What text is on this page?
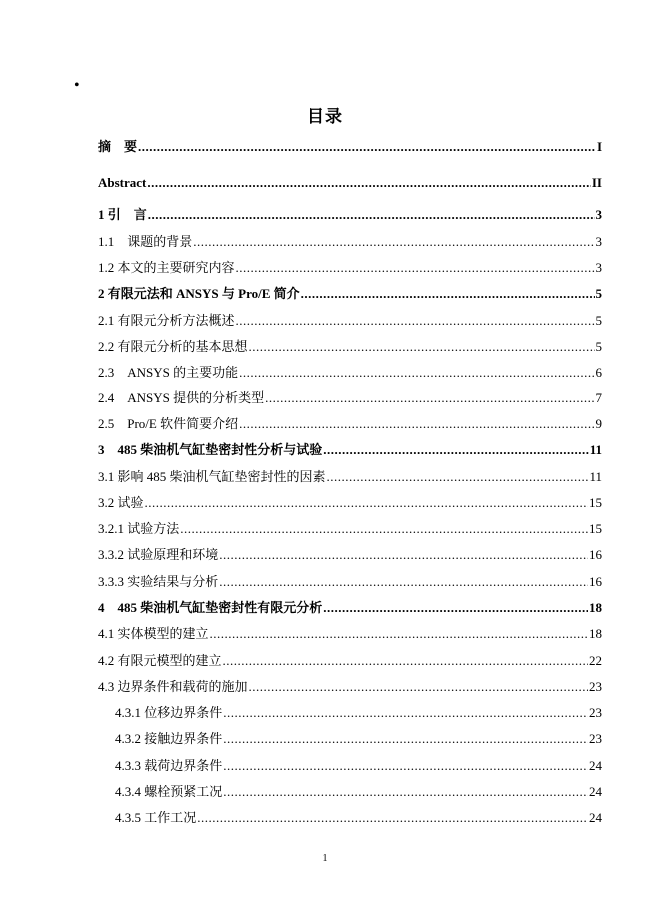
•
目录
摘　要 .....	I
Abstract .....	II
1 引　言 .....	3
1.1　课题的背景 .....	3
1.2 本文的主要研究内容 .....	3
2 有限元法和 ANSYS 与 Pro/E 简介 .....	5
2.1 有限元分析方法概述 .....	5
2.2 有限元分析的基本思想 .....	5
2.3　ANSYS 的主要功能 .....	6
2.4　ANSYS 提供的分析类型 .....	7
2.5　Pro/E 软件简要介绍 .....	9
3　485 柴油机气缸垫密封性分析与试验 .....	11
3.1 影响 485 柴油机气缸垫密封性的因素 .....	11
3.2 试验 .....	15
3.2.1 试验方法 .....	15
3.3.2 试验原理和环境 .....	16
3.3.3 实验结果与分析 .....	16
4　485 柴油机气缸垫密封性有限元分析 .....	18
4.1 实体模型的建立 .....	18
4.2 有限元模型的建立 .....	22
4.3 边界条件和载荷的施加 .....	23
4.3.1 位移边界条件 .....	23
4.3.2 接触边界条件 .....	23
4.3.3 载荷边界条件 .....	24
4.3.4 螺栓预紧工况 .....	24
4.3.5 工作工况 .....	24
1
